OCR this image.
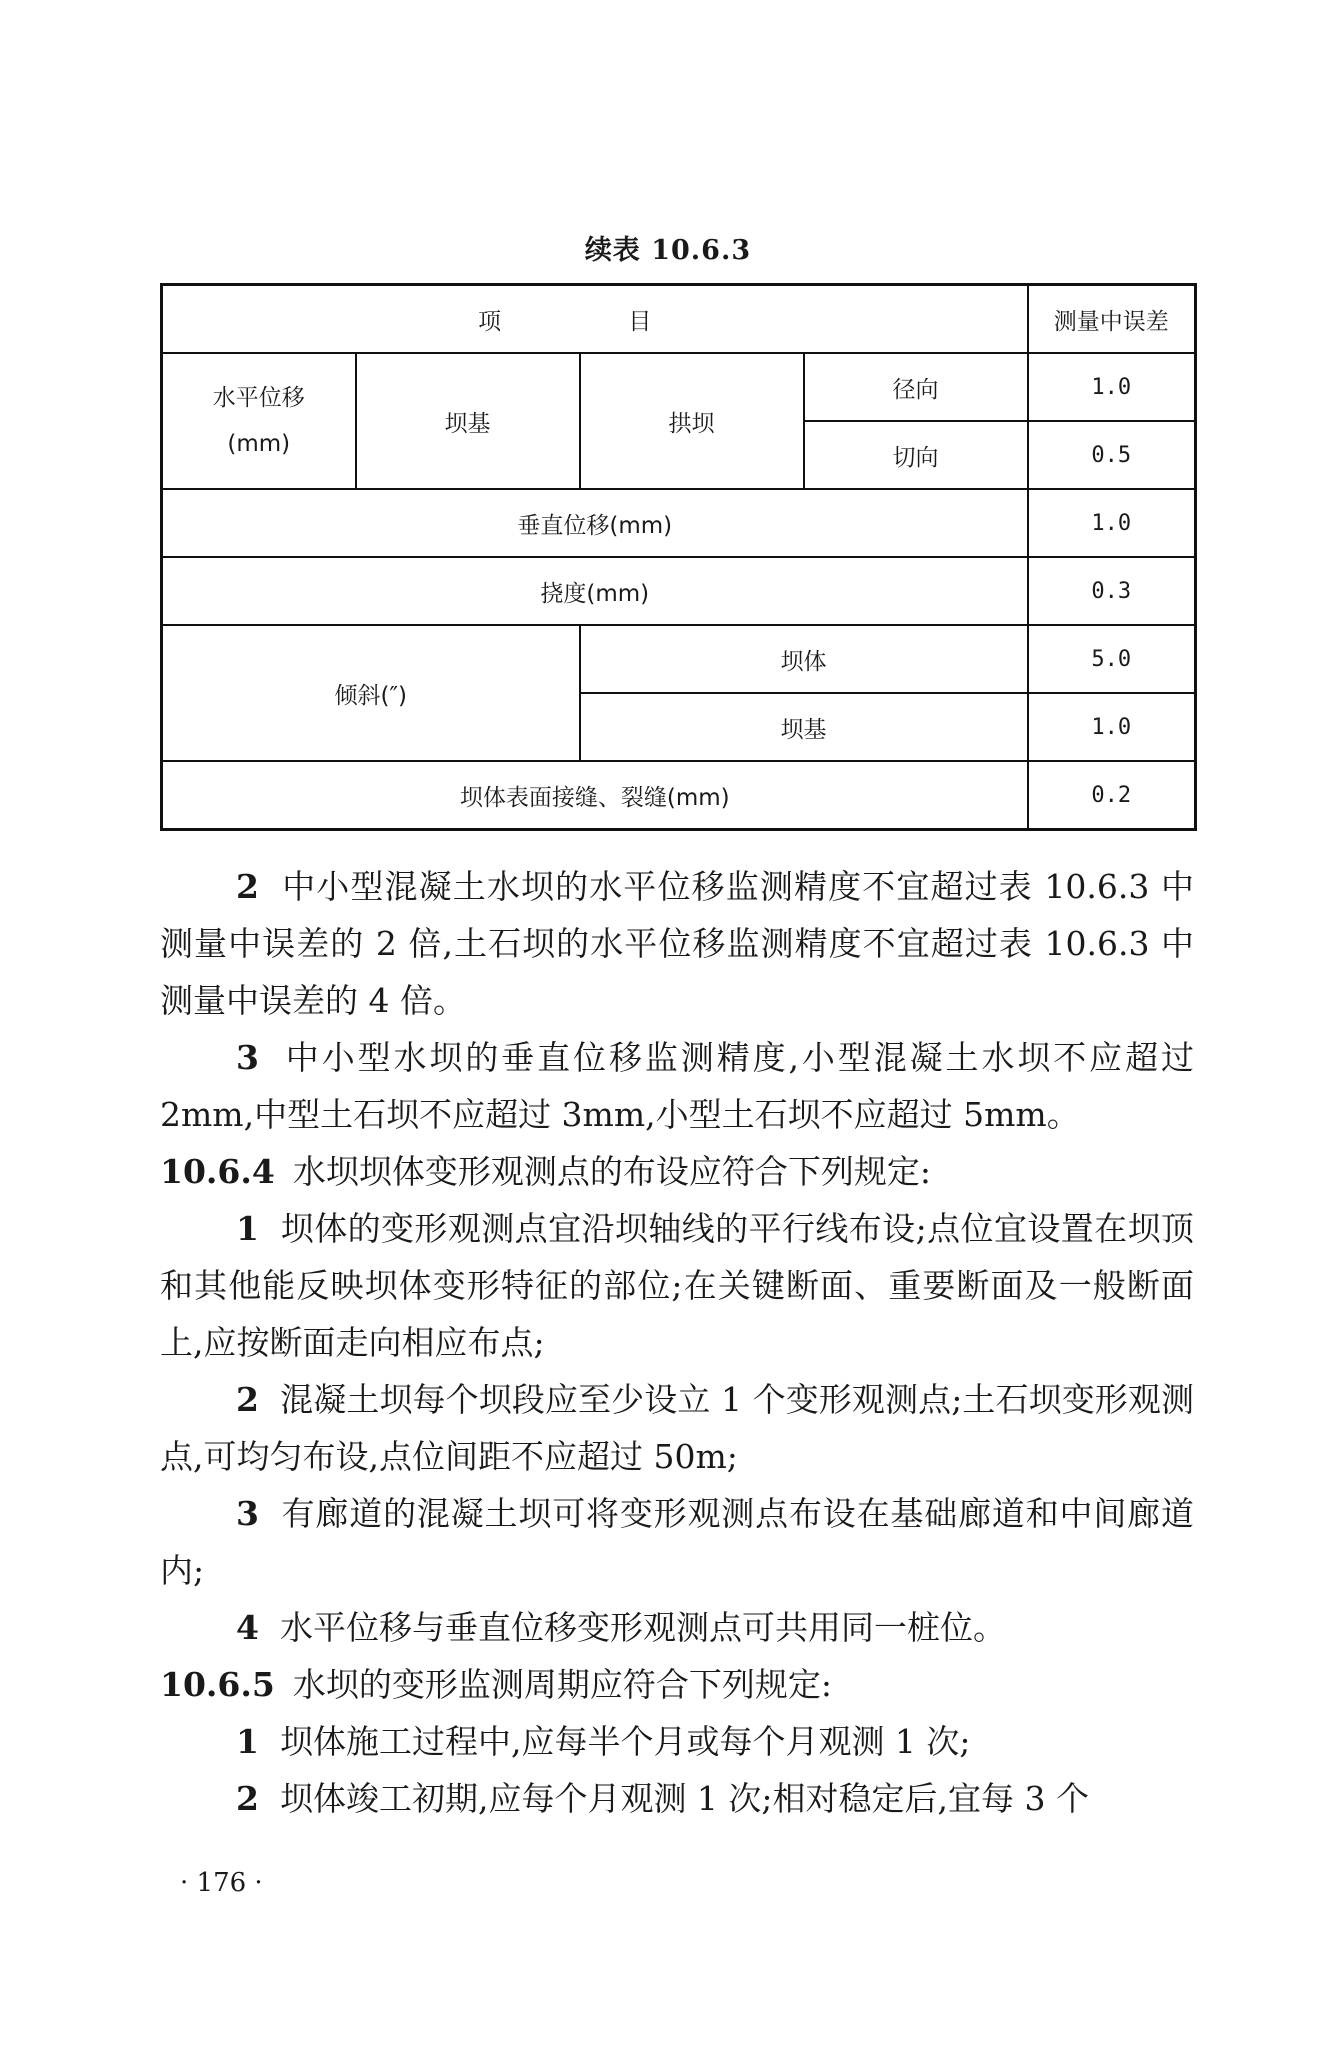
续表 10.6.3
项 目				测量中误差

水平位移
(mm)	坝基	拱坝	径向	1.0
			切向	0.5
垂直位移(mm)				1.0
挠度(mm)				0.3
倾斜(″)		坝体		5.0
		坝基		1.0
坝体表面接缝、裂缝(mm)				0.2

2 中小型混凝土水坝的水平位移监测精度不宜超过表 10.6.3 中测量中误差的 2 倍,土石坝的水平位移监测精度不宜超过表 10.6.3 中测量中误差的 4 倍。

3 中小型水坝的垂直位移监测精度,小型混凝土水坝不应超过 2mm,中型土石坝不应超过 3mm,小型土石坝不应超过 5mm。

10.6.4 水坝坝体变形观测点的布设应符合下列规定:

1 坝体的变形观测点宜沿坝轴线的平行线布设;点位宜设置在坝顶和其他能反映坝体变形特征的部位;在关键断面、重要断面及一般断面上,应按断面走向相应布点;

2 混凝土坝每个坝段应至少设立 1 个变形观测点;土石坝变形观测点,可均匀布设,点位间距不应超过 50m;

3 有廊道的混凝土坝可将变形观测点布设在基础廊道和中间廊道内;

4 水平位移与垂直位移变形观测点可共用同一桩位。

10.6.5 水坝的变形监测周期应符合下列规定:

1 坝体施工过程中,应每半个月或每个月观测 1 次;

2 坝体竣工初期,应每个月观测 1 次;相对稳定后,宜每 3 个

· 176 ·
